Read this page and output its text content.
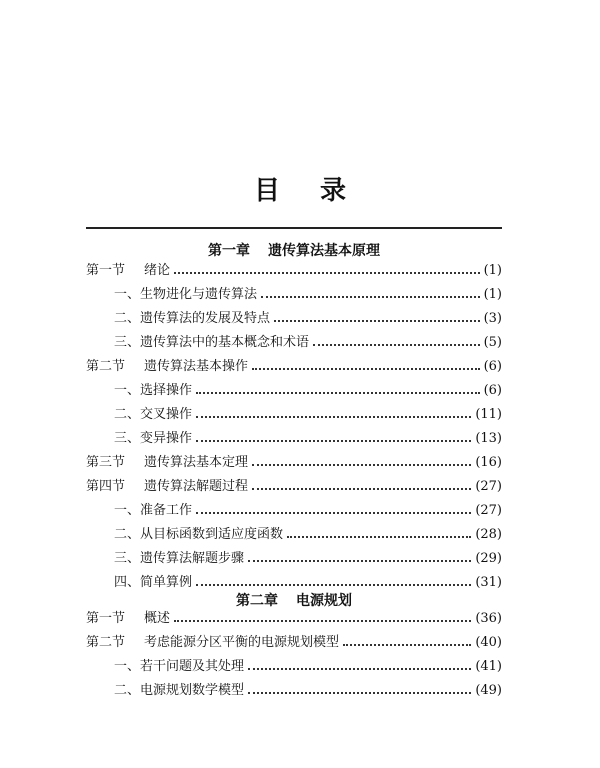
目录
第一章 遗传算法基本原理
第一节 绪论	(1)
一、生物进化与遗传算法	(1)
二、遗传算法的发展及特点	(3)
三、遗传算法中的基本概念和术语	(5)
第二节 遗传算法基本操作	(6)
一、选择操作	(6)
二、交叉操作	(11)
三、变异操作	(13)
第三节 遗传算法基本定理	(16)
第四节 遗传算法解题过程	(27)
一、准备工作	(27)
二、从目标函数到适应度函数	(28)
三、遗传算法解题步骤	(29)
四、简单算例	(31)
第二章 电源规划
第一节 概述	(36)
第二节 考虑能源分区平衡的电源规划模型	(40)
一、若干问题及其处理	(41)
二、电源规划数学模型	(49)
